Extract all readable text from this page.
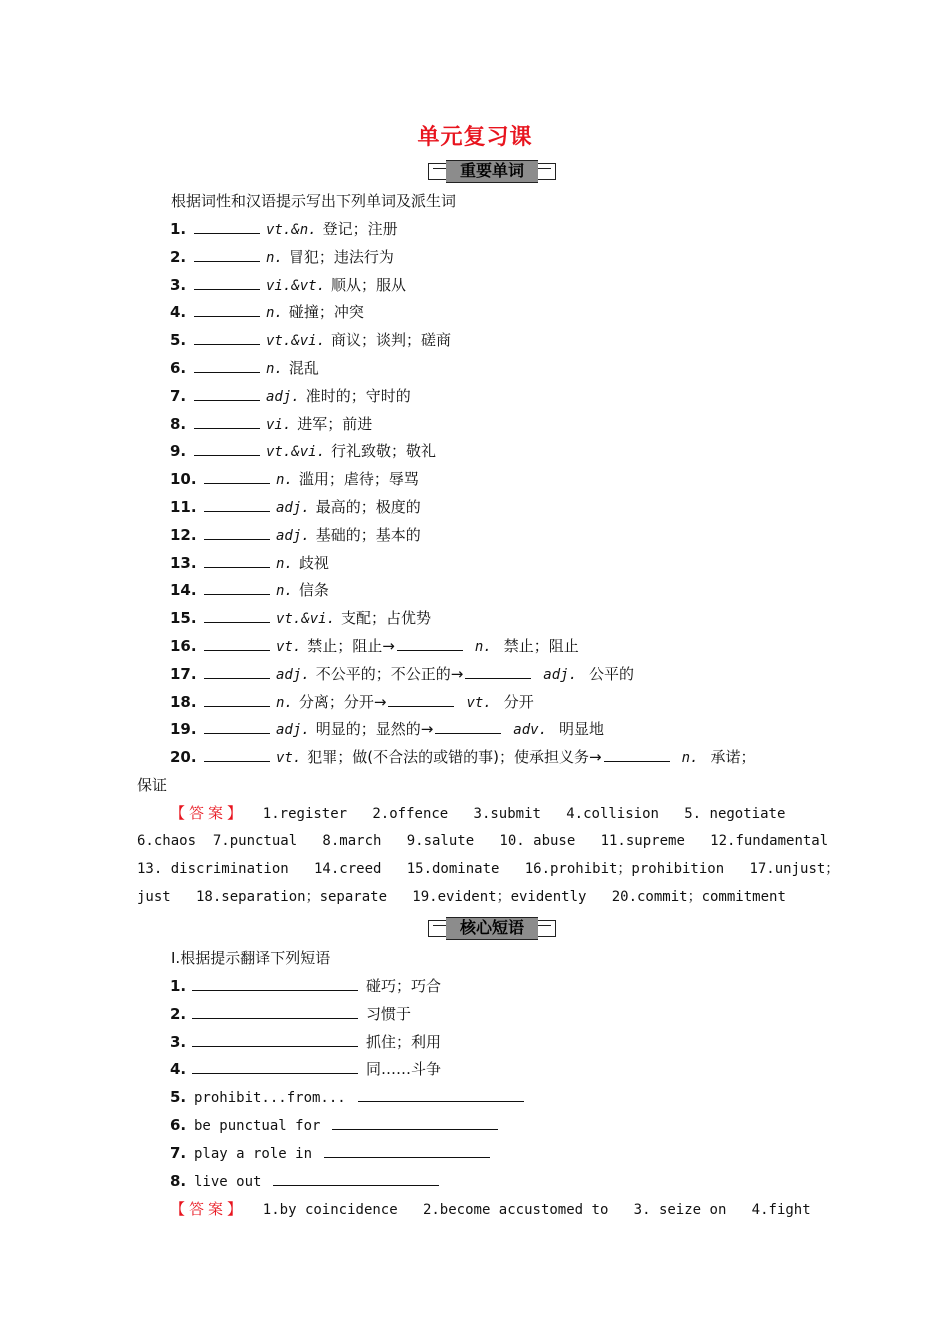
单元复习课
重要单词
根据词性和汉语提示写出下列单词及派生词
1.	vt.&n. 登记；注册
2.	n. 冒犯；违法行为
3.	vi.&vt. 顺从；服从
4.	n. 碰撞；冲突
5.	vt.&vi. 商议；谈判；磋商
6.	n. 混乱
7.	adj. 准时的；守时的
8.	vi. 进军；前进
9.	vt.&vi. 行礼致敬；敬礼
10.	n. 滥用；虐待；辱骂
11.	adj. 最高的；极度的
12.	adj. 基础的；基本的
13.	n. 歧视
14.	n. 信条
15.	vt.&vi. 支配；占优势
16.	vt. 禁止；阻止→	n. 禁止；阻止
17.	adj. 不公平的；不公正的→	adj. 公平的
18.	n. 分离；分开→	vt. 分开
19.	adj. 明显的；显然的→	adv. 明显地
20.	vt. 犯罪；做(不合法的或错的事)；使承担义务→	n. 承诺；
保证
【答案】 1.register   2.offence   3.submit   4.collision   5. negotiate
6.chaos  7.punctual   8.march   9.salute   10. abuse   11.supreme   12.fundamental
13. discrimination   14.creed   15.dominate   16.prohibit；prohibition   17.unjust；
just   18.separation；separate   19.evident；evidently   20.commit；commitment
核心短语
Ⅰ.根据提示翻译下列短语
1.	碰巧；巧合
2.	习惯于
3.	抓住；利用
4.	同……斗争
5. prohibit...from...
6. be punctual for
7. play a role in
8. live out
【答案】 1.by coincidence   2.become accustomed to   3. seize on   4.fight
